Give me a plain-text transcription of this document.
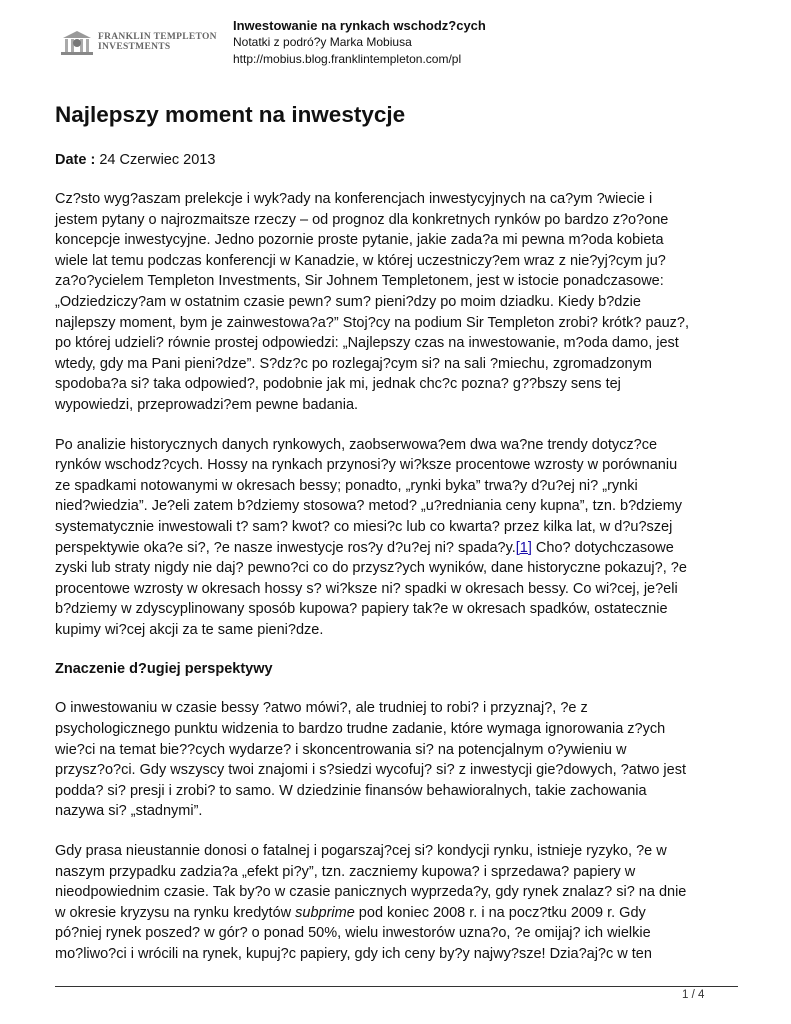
FRANKLIN TEMPLETON
INVESTMENTS
Inwestowanie na rynkach wschodz?cych
Notatki z podró?y Marka Mobiusa
http://mobius.blog.franklintempleton.com/pl
Najlepszy moment na inwestycje
Date : 24 Czerwiec 2013

Cz?sto wyg?aszam prelekcje i wyk?ady na konferencjach inwestycyjnych na ca?ym ?wiecie i
jestem pytany o najrozmaitsze rzeczy – od prognoz dla konkretnych rynków po bardzo z?o?one
koncepcje inwestycyjne. Jedno pozornie proste pytanie, jakie zada?a mi pewna m?oda kobieta
wiele lat temu podczas konferencji w Kanadzie, w której uczestniczy?em wraz z nie?yj?cym ju?
za?o?ycielem Templeton Investments, Sir Johnem Templetonem, jest w istocie ponadczasowe:
„Odziedziczy?am w ostatnim czasie pewn? sum? pieni?dzy po moim dziadku. Kiedy b?dzie
najlepszy moment, bym je zainwestowa?a?” Stoj?cy na podium Sir Templeton zrobi? krótk? pauz?,
po której udzieli? równie prostej odpowiedzi: „Najlepszy czas na inwestowanie, m?oda damo, jest
wtedy, gdy ma Pani pieni?dze”. S?dz?c po rozlegaj?cym si? na sali ?miechu, zgromadzonym
spodoba?a si? taka odpowied?, podobnie jak mi, jednak chc?c pozna? g??bszy sens tej
wypowiedzi, przeprowadzi?em pewne badania.

Po analizie historycznych danych rynkowych, zaobserwowa?em dwa wa?ne trendy dotycz?ce
rynków wschodz?cych. Hossy na rynkach przynosi?y wi?ksze procentowe wzrosty w porównaniu
ze spadkami notowanymi w okresach bessy; ponadto, „rynki byka” trwa?y d?u?ej ni? „rynki
nied?wiedzia”. Je?eli zatem b?dziemy stosowa? metod? „u?redniania ceny kupna”, tzn. b?dziemy
systematycznie inwestowali t? sam? kwot? co miesi?c lub co kwarta? przez kilka lat, w d?u?szej
perspektywie oka?e si?, ?e nasze inwestycje ros?y d?u?ej ni? spada?y.[1] Cho? dotychczasowe
zyski lub straty nigdy nie daj? pewno?ci co do przysz?ych wyników, dane historyczne pokazuj?, ?e
procentowe wzrosty w okresach hossy s? wi?ksze ni? spadki w okresach bessy. Co wi?cej, je?eli
b?dziemy w zdyscyplinowany sposób kupowa? papiery tak?e w okresach spadków, ostatecznie
kupimy wi?cej akcji za te same pieni?dze.

Znaczenie d?ugiej perspektywy

O inwestowaniu w czasie bessy ?atwo mówi?, ale trudniej to robi? i przyznaj?, ?e z
psychologicznego punktu widzenia to bardzo trudne zadanie, które wymaga ignorowania z?ych
wie?ci na temat bie??cych wydarze? i skoncentrowania si? na potencjalnym o?ywieniu w
przysz?o?ci. Gdy wszyscy twoi znajomi i s?siedzi wycofuj? si? z inwestycji gie?dowych, ?atwo jest
podda? si? presji i zrobi? to samo. W dziedzinie finansów behawioralnych, takie zachowania
nazywa si? „stadnymi”.

Gdy prasa nieustannie donosi o fatalnej i pogarszaj?cej si? kondycji rynku, istnieje ryzyko, ?e w
naszym przypadku zadzia?a „efekt pi?y”, tzn. zaczniemy kupowa? i sprzedawa? papiery w
nieodpowiednim czasie. Tak by?o w czasie panicznych wyprzeda?y, gdy rynek znalaz? si? na dnie
w okresie kryzysu na rynku kredytów subprime pod koniec 2008 r. i na pocz?tku 2009 r. Gdy
pó?niej rynek poszed? w gór? o ponad 50%, wielu inwestorów uzna?o, ?e omijaj? ich wielkie
mo?liwo?ci i wrócili na rynek, kupuj?c papiery, gdy ich ceny by?y najwy?sze! Dzia?aj?c w ten

1 / 4
